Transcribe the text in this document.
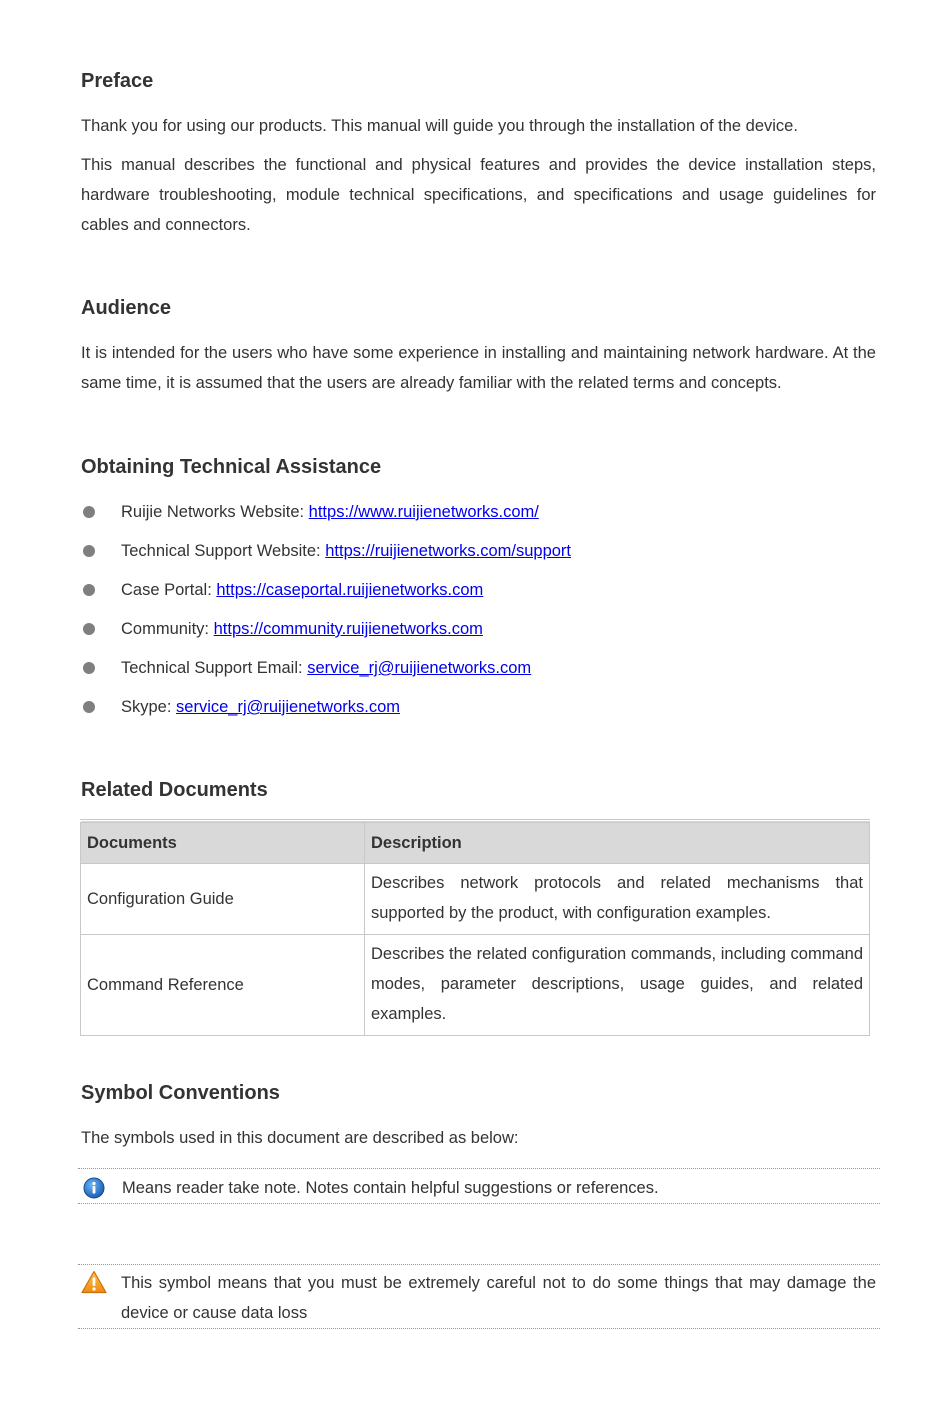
Preface

Thank you for using our products. This manual will guide you through the installation of the device.

This manual describes the functional and physical features and provides the device installation steps, hardware troubleshooting, module technical specifications, and specifications and usage guidelines for cables and connectors.

Audience

It is intended for the users who have some experience in installing and maintaining network hardware. At the same time, it is assumed that the users are already familiar with the related terms and concepts.

Obtaining Technical Assistance
Ruijie Networks Website: https://www.ruijienetworks.com/
Technical Support Website: https://ruijienetworks.com/support
Case Portal: https://caseportal.ruijienetworks.com
Community: https://community.ruijienetworks.com
Technical Support Email: service_rj@ruijienetworks.com
Skype: service_rj@ruijienetworks.com
Related Documents
Documents	Description
Configuration Guide	Describes network protocols and related mechanisms that supported by the product, with configuration examples.
Command Reference	Describes the related configuration commands, including command modes, parameter descriptions, usage guides, and related examples.
Symbol Conventions

The symbols used in this document are described as below:

Means reader take note. Notes contain helpful suggestions or references.

This symbol means that you must be extremely careful not to do some things that may damage the device or cause data loss
